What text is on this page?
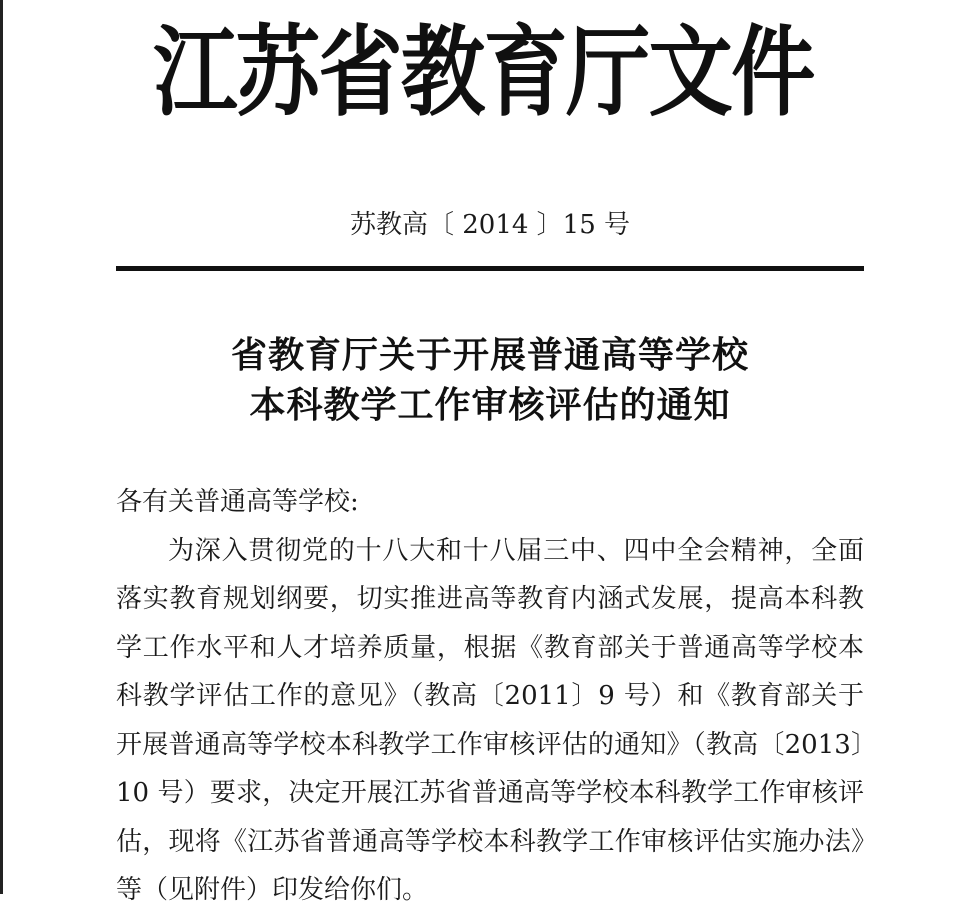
江苏省教育厅文件
苏教高〔 2014 〕15 号
省教育厅关于开展普通高等学校
本科教学工作审核评估的通知

各有关普通高等学校:

为深入贯彻党的十八大和十八届三中、四中全会精神，全面落实教育规划纲要，切实推进高等教育内涵式发展，提高本科教学工作水平和人才培养质量，根据《教育部关于普通高等学校本科教学评估工作的意见》（教高〔2011〕9 号）和《教育部关于开展普通高等学校本科教学工作审核评估的通知》（教高〔2013〕10 号）要求，决定开展江苏省普通高等学校本科教学工作审核评估，现将《江苏省普通高等学校本科教学工作审核评估实施办法》等（见附件）印发给你们。
